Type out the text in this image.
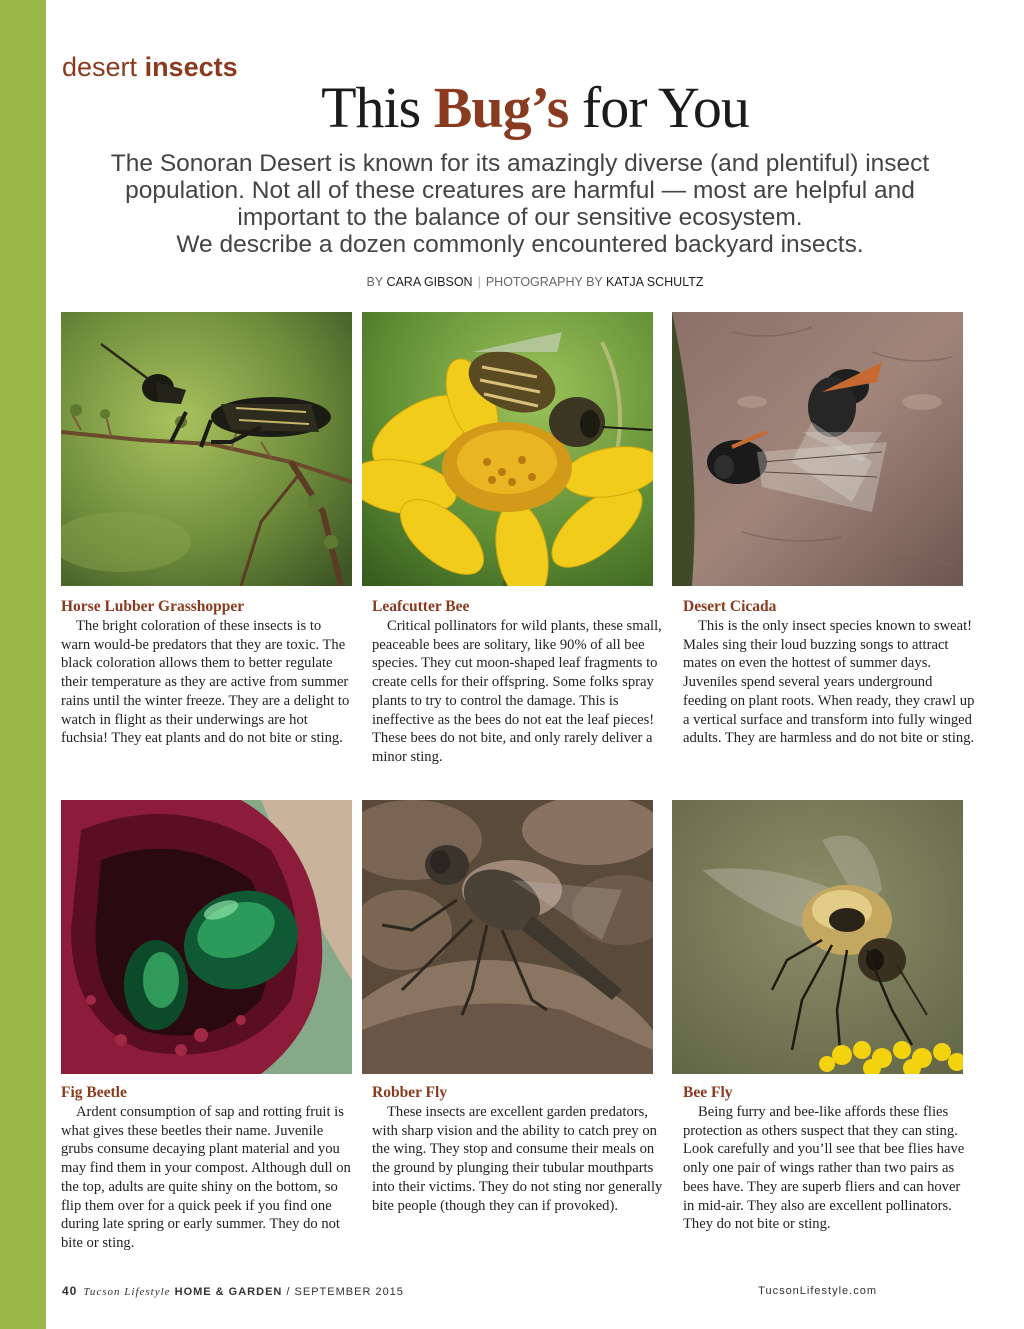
desert insects
This Bug’s for You
The Sonoran Desert is known for its amazingly diverse (and plentiful) insect
population. Not all of these creatures are harmful — most are helpful and
important to the balance of our sensitive ecosystem.
We describe a dozen commonly encountered backyard insects.
BY CARA GIBSON | PHOTOGRAPHY BY KATJA SCHULTZ
Horse Lubber Grasshopper

The bright coloration of these insects is to warn would-be predators that they are toxic. The black coloration allows them to better regulate their temperature as they are active from summer rains until the winter freeze. They are a delight to watch in flight as their underwings are hot fuchsia! They eat plants and do not bite or sting.

Leafcutter Bee

Critical pollinators for wild plants, these small, peaceable bees are solitary, like 90% of all bee species. They cut moon-shaped leaf fragments to create cells for their offspring. Some folks spray plants to try to control the damage. This is ineffective as the bees do not eat the leaf pieces! These bees do not bite, and only rarely deliver a minor sting.

Desert Cicada

This is the only insect species known to sweat! Males sing their loud buzzing songs to attract mates on even the hottest of summer days. Juveniles spend several years underground feeding on plant roots. When ready, they crawl up a vertical surface and transform into fully winged adults. They are harmless and do not bite or sting.

Fig Beetle

Ardent consumption of sap and rotting fruit is what gives these beetles their name. Juvenile grubs consume decaying plant material and you may find them in your compost. Although dull on the top, adults are quite shiny on the bottom, so flip them over for a quick peek if you find one during late spring or early summer. They do not bite or sting.

Robber Fly

These insects are excellent garden predators, with sharp vision and the ability to catch prey on the wing. They stop and consume their meals on the ground by plunging their tubular mouthparts into their victims. They do not sting nor generally bite people (though they can if provoked).

Bee Fly

Being furry and bee-like affords these flies protection as others suspect that they can sting. Look carefully and you’ll see that bee flies have only one pair of wings rather than two pairs as bees have. They are superb fliers and can hover in mid-air. They also are excellent pollinators. They do not bite or sting.

40 Tucson Lifestyle HOME & GARDEN / SEPTEMBER 2015	TucsonLifestyle.com
